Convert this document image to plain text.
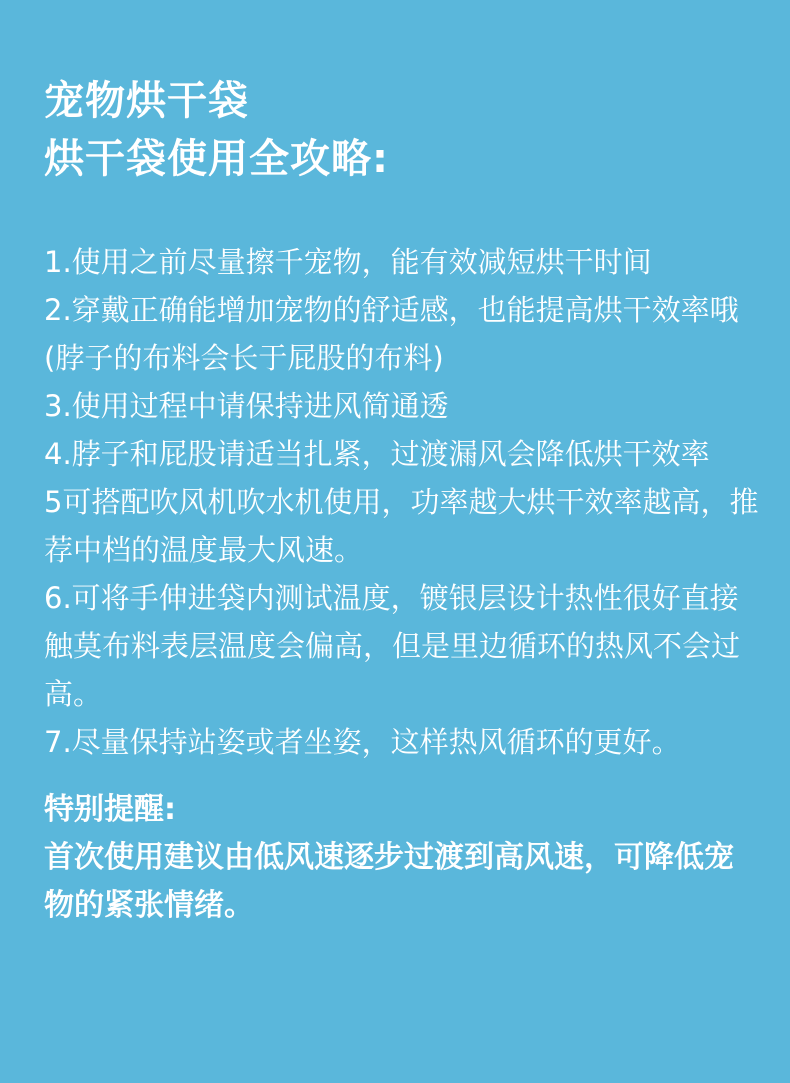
宠物烘干袋
烘干袋使用全攻略:

1.使用之前尽量擦千宠物，能有效减短烘干时间

2.穿戴正确能增加宠物的舒适感，也能提高烘干效率哦(脖子的布料会长于屁股的布料)

3.使用过程中请保持进风简通透

4.脖子和屁股请适当扎紧，过渡漏风会降低烘干效率

5可搭配吹风机吹水机使用，功率越大烘干效率越高，推荐中档的温度最大风速。

6.可将手伸进袋内测试温度，镀银层设计热性很好直接触莫布料表层温度会偏高，但是里边循环的热风不会过高。

7.尽量保持站姿或者坐姿，这样热风循环的更好。

特别提醒:

首次使用建议由低风速逐步过渡到高风速，可降低宠物的紧张情绪。
